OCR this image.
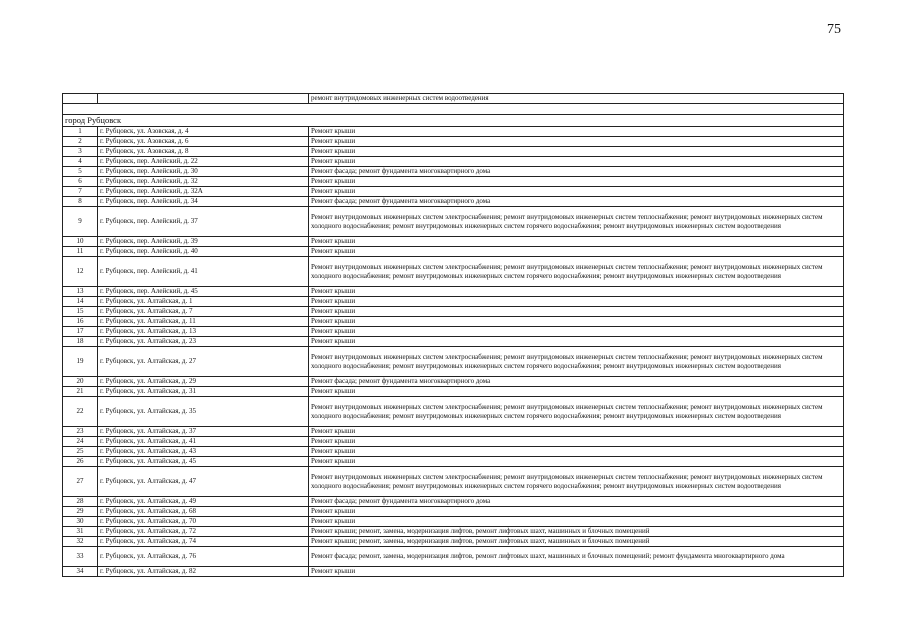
75
		ремонт внутридомовых инженерных систем водоотведения

город Рубцовск		
1	г. Рубцовск, ул. Азовская, д. 4	Ремонт крыши
2	г. Рубцовск, ул. Азовская, д. 6	Ремонт крыши
3	г. Рубцовск, ул. Азовская, д. 8	Ремонт крыши
4	г. Рубцовск, пер. Алейский, д. 22	Ремонт крыши
5	г. Рубцовск, пер. Алейский, д. 30	Ремонт фасада; ремонт фундамента многоквартирного дома
6	г. Рубцовск, пер. Алейский, д. 32	Ремонт крыши
7	г. Рубцовск, пер. Алейский, д. 32А	Ремонт крыши
8	г. Рубцовск, пер. Алейский, д. 34	Ремонт фасада; ремонт фундамента многоквартирного дома
9	г. Рубцовск, пер. Алейский, д. 37	Ремонт внутридомовых инженерных систем электроснабжения; ремонт внутридомовых инженерных систем теплоснабжения; ремонт внутридомовых инженерных систем холодного водоснабжения; ремонт внутридомовых инженерных систем горячего водоснабжения; ремонт внутридомовых инженерных систем водоотведения
10	г. Рубцовск, пер. Алейский, д. 39	Ремонт крыши
11	г. Рубцовск, пер. Алейский, д. 40	Ремонт крыши
12	г. Рубцовск, пер. Алейский, д. 41	Ремонт внутридомовых инженерных систем электроснабжения; ремонт внутридомовых инженерных систем теплоснабжения; ремонт внутридомовых инженерных систем холодного водоснабжения; ремонт внутридомовых инженерных систем горячего водоснабжения; ремонт внутридомовых инженерных систем водоотведения
13	г. Рубцовск, пер. Алейский, д. 45	Ремонт крыши
14	г. Рубцовск, ул. Алтайская, д. 1	Ремонт крыши
15	г. Рубцовск, ул. Алтайская, д. 7	Ремонт крыши
16	г. Рубцовск, ул. Алтайская, д. 11	Ремонт крыши
17	г. Рубцовск, ул. Алтайская, д. 13	Ремонт крыши
18	г. Рубцовск, ул. Алтайская, д. 23	Ремонт крыши
19	г. Рубцовск, ул. Алтайская, д. 27	Ремонт внутридомовых инженерных систем электроснабжения; ремонт внутридомовых инженерных систем теплоснабжения; ремонт внутридомовых инженерных систем холодного водоснабжения; ремонт внутридомовых инженерных систем горячего водоснабжения; ремонт внутридомовых инженерных систем водоотведения
20	г. Рубцовск, ул. Алтайская, д. 29	Ремонт фасада; ремонт фундамента многоквартирного дома
21	г. Рубцовск, ул. Алтайская, д. 31	Ремонт крыши
22	г. Рубцовск, ул. Алтайская, д. 35	Ремонт внутридомовых инженерных систем электроснабжения; ремонт внутридомовых инженерных систем теплоснабжения; ремонт внутридомовых инженерных систем холодного водоснабжения; ремонт внутридомовых инженерных систем горячего водоснабжения; ремонт внутридомовых инженерных систем водоотведения
23	г. Рубцовск, ул. Алтайская, д. 37	Ремонт крыши
24	г. Рубцовск, ул. Алтайская, д. 41	Ремонт крыши
25	г. Рубцовск, ул. Алтайская, д. 43	Ремонт крыши
26	г. Рубцовск, ул. Алтайская, д. 45	Ремонт крыши
27	г. Рубцовск, ул. Алтайская, д. 47	Ремонт внутридомовых инженерных систем электроснабжения; ремонт внутридомовых инженерных систем теплоснабжения; ремонт внутридомовых инженерных систем холодного водоснабжения; ремонт внутридомовых инженерных систем горячего водоснабжения; ремонт внутридомовых инженерных систем водоотведения
28	г. Рубцовск, ул. Алтайская, д. 49	Ремонт фасада; ремонт фундамента многоквартирного дома
29	г. Рубцовск, ул. Алтайская, д. 68	Ремонт крыши
30	г. Рубцовск, ул. Алтайская, д. 70	Ремонт крыши
31	г. Рубцовск, ул. Алтайская, д. 72	Ремонт крыши; ремонт, замена, модернизация лифтов, ремонт лифтовых шахт, машинных и блочных помещений
32	г. Рубцовск, ул. Алтайская, д. 74	Ремонт крыши; ремонт, замена, модернизация лифтов, ремонт лифтовых шахт, машинных и блочных помещений
33	г. Рубцовск, ул. Алтайская, д. 76	Ремонт фасада; ремонт, замена, модернизация лифтов, ремонт лифтовых шахт, машинных и блочных помещений; ремонт фундамента многоквартирного дома
34	г. Рубцовск, ул. Алтайская, д. 82	Ремонт крыши
